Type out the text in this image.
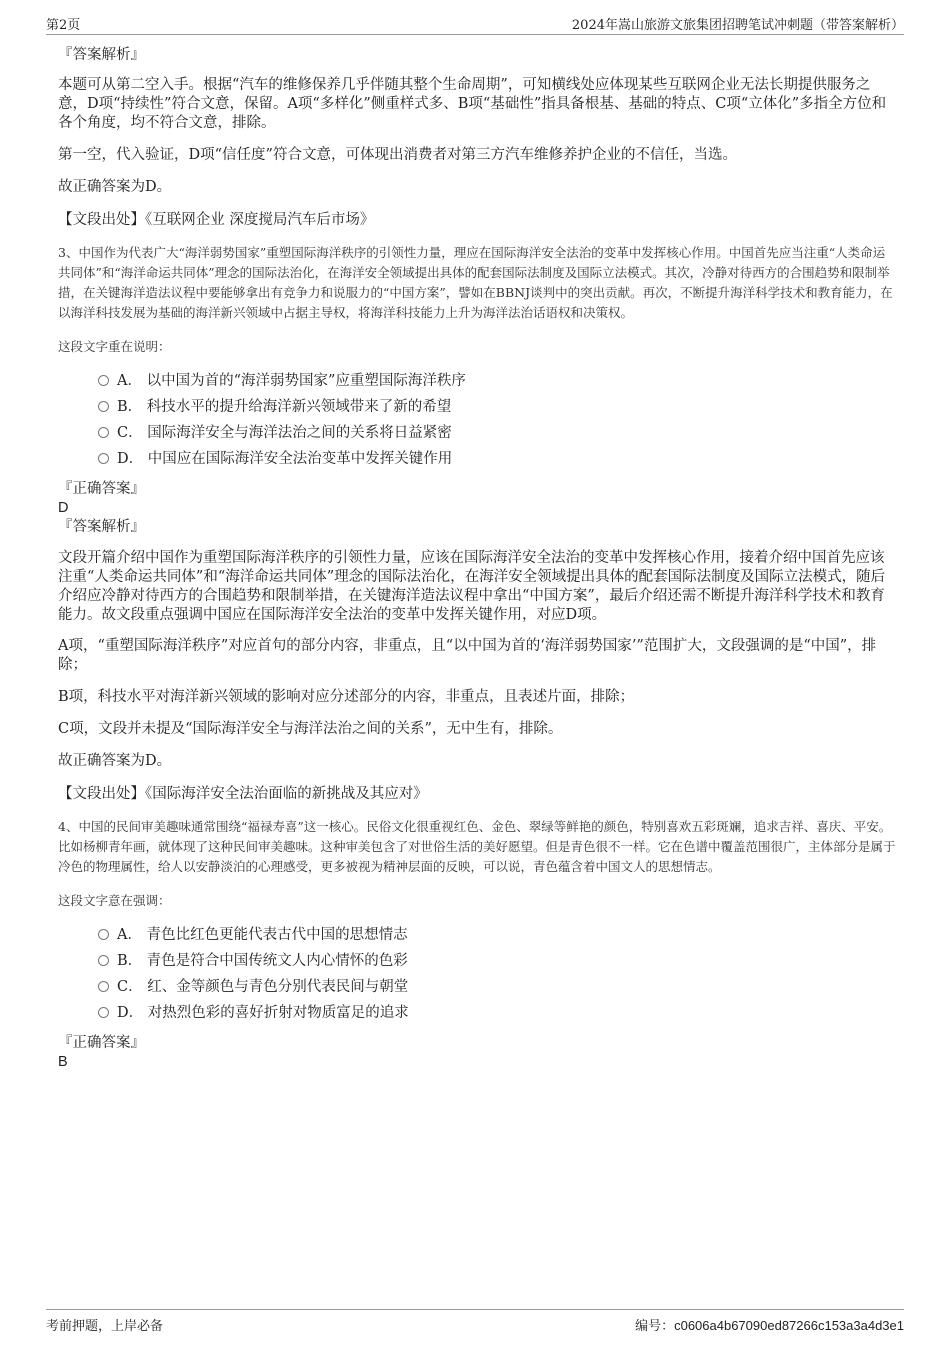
第2页	2024年嵩山旅游文旅集团招聘笔试冲刺题（带答案解析）

『答案解析』

本题可从第二空入手。根据“汽车的维修保养几乎伴随其整个生命周期”，可知横线处应体现某些互联网企业无法长期提供服务之意，D项“持续性”符合文意，保留。A项“多样化”侧重样式多、B项“基础性”指具备根基、基础的特点、C项“立体化”多指全方位和各个角度，均不符合文意，排除。

第一空，代入验证，D项“信任度”符合文意，可体现出消费者对第三方汽车维修养护企业的不信任，当选。

故正确答案为D。

【文段出处】《互联网企业 深度搅局汽车后市场》

3、中国作为代表广大“海洋弱势国家”重塑国际海洋秩序的引领性力量，理应在国际海洋安全法治的变革中发挥核心作用。中国首先应当注重“人类命运共同体”和“海洋命运共同体”理念的国际法治化，在海洋安全领域提出具体的配套国际法制度及国际立法模式。其次，冷静对待西方的合围趋势和限制举措，在关键海洋造法议程中要能够拿出有竞争力和说服力的“中国方案”，譬如在BBNJ谈判中的突出贡献。再次，不断提升海洋科学技术和教育能力，在以海洋科技发展为基础的海洋新兴领域中占据主导权，将海洋科技能力上升为海洋法治话语权和决策权。

这段文字重在说明：

A． 以中国为首的“海洋弱势国家”应重塑国际海洋秩序
B． 科技水平的提升给海洋新兴领域带来了新的希望
C． 国际海洋安全与海洋法治之间的关系将日益紧密
D． 中国应在国际海洋安全法治变革中发挥关键作用

『正确答案』

D

『答案解析』

文段开篇介绍中国作为重塑国际海洋秩序的引领性力量，应该在国际海洋安全法治的变革中发挥核心作用，接着介绍中国首先应该注重“人类命运共同体”和“海洋命运共同体”理念的国际法治化，在海洋安全领域提出具体的配套国际法制度及国际立法模式，随后介绍应冷静对待西方的合围趋势和限制举措，在关键海洋造法议程中拿出“中国方案”，最后介绍还需不断提升海洋科学技术和教育能力。故文段重点强调中国应在国际海洋安全法治的变革中发挥关键作用，对应D项。

A项，“重塑国际海洋秩序”对应首句的部分内容，非重点，且“以中国为首的‘海洋弱势国家’”范围扩大，文段强调的是“中国”，排除；

B项，科技水平对海洋新兴领域的影响对应分述部分的内容，非重点，且表述片面，排除；

C项，文段并未提及“国际海洋安全与海洋法治之间的关系”，无中生有，排除。

故正确答案为D。

【文段出处】《国际海洋安全法治面临的新挑战及其应对》

4、中国的民间审美趣味通常围绕“福禄寿喜”这一核心。民俗文化很重视红色、金色、翠绿等鲜艳的颜色，特别喜欢五彩斑斓，追求吉祥、喜庆、平安。比如杨柳青年画，就体现了这种民间审美趣味。这种审美包含了对世俗生活的美好愿望。但是青色很不一样。它在色谱中覆盖范围很广，主体部分是属于冷色的物理属性，给人以安静淡泊的心理感受，更多被视为精神层面的反映，可以说，青色蕴含着中国文人的思想情志。

这段文字意在强调：

A． 青色比红色更能代表古代中国的思想情志
B． 青色是符合中国传统文人内心情怀的色彩
C． 红、金等颜色与青色分别代表民间与朝堂
D． 对热烈色彩的喜好折射对物质富足的追求

『正确答案』

B

考前押题，上岸必备	编号：c0606a4b67090ed87266c153a3a4d3e1
